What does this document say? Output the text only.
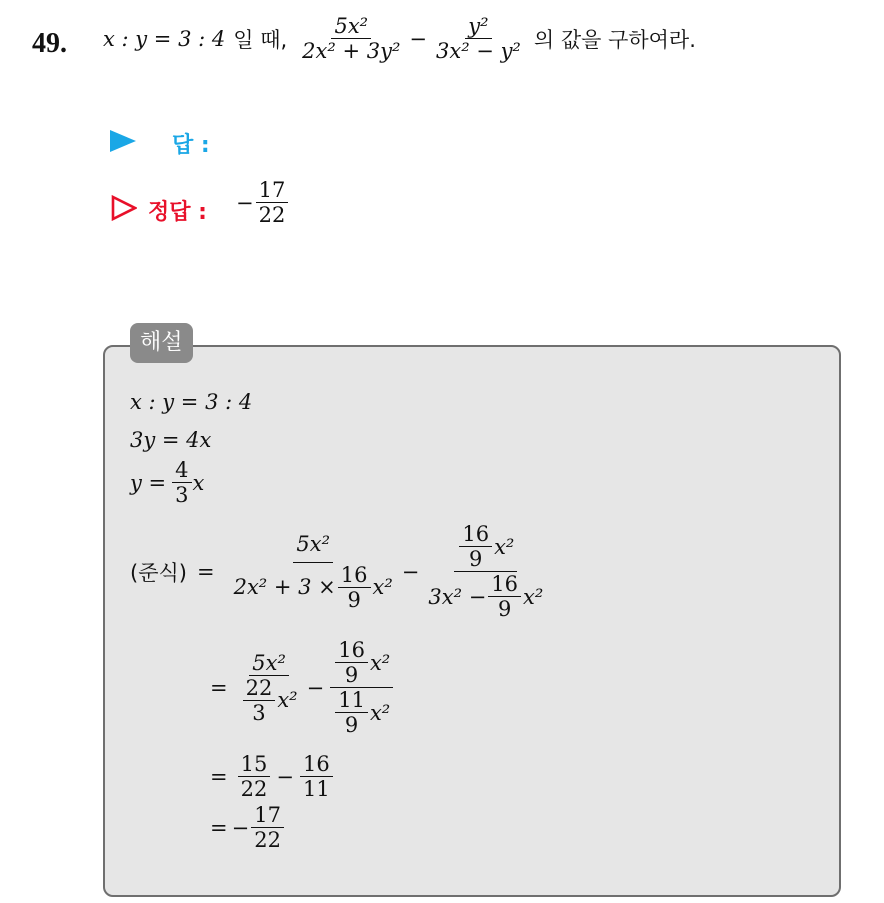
49. x : y = 3 : 4 일 때, $\frac{\text{5x²}}{\text{2x² + 3y²}} - \frac{\text{y²}}{\text{3x² − y²}}$ 의 값을 구하여라.
답 :
정답 : − $\frac{17}{22}$
해설
x : y = 3 : 4
3y = 4x
$y = \frac{4}{3}$ x
(준식) = $\frac{\text{5x²}}{2x^2 + 3 \times \frac{16}{9} x^2} - \frac{\frac{16}{9} x^2}{3x^2 - \frac{16}{9} x^2}$
= $\frac{\text{5x²}}{\frac{22}{3} x^2} - \frac{\frac{16}{9} x^2}{\frac{11}{9} x^2}$
= $\frac{15}{22} - \frac{16}{11}$
= − $\frac{17}{22}$
